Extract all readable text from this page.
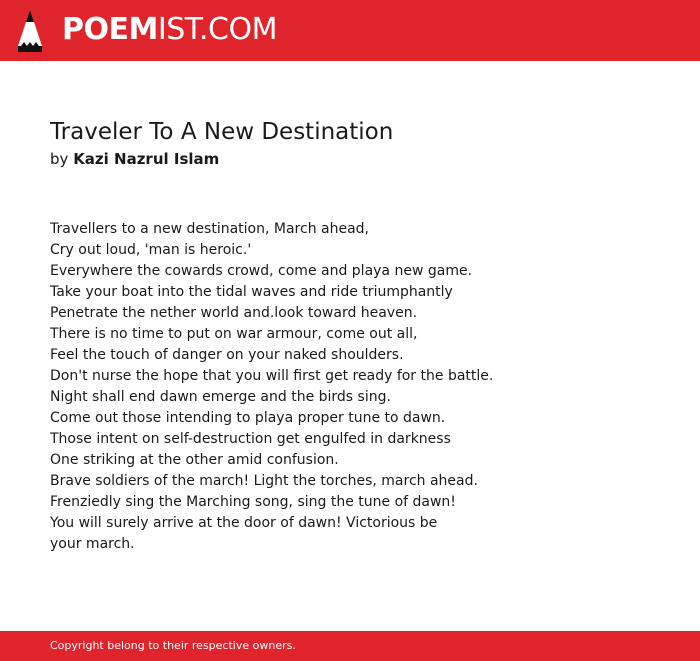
POEMIST.COM
Traveler To A New Destination
by Kazi Nazrul Islam
Travellers to a new destination, March ahead,
Cry out loud, 'man is heroic.'
Everywhere the cowards crowd, come and playa new game.
Take your boat into the tidal waves and ride triumphantly
Penetrate the nether world and.look toward heaven.
There is no time to put on war armour, come out all,
Feel the touch of danger on your naked shoulders.
Don't nurse the hope that you will first get ready for the battle.
Night shall end dawn emerge and the birds sing.
Come out those intending to playa proper tune to dawn.
Those intent on self-destruction get engulfed in darkness
One striking at the other amid confusion.
Brave soldiers of the march! Light the torches, march ahead.
Frenziedly sing the Marching song, sing the tune of dawn!
You will surely arrive at the door of dawn! Victorious be
your march.
Copyright belong to their respective owners.
